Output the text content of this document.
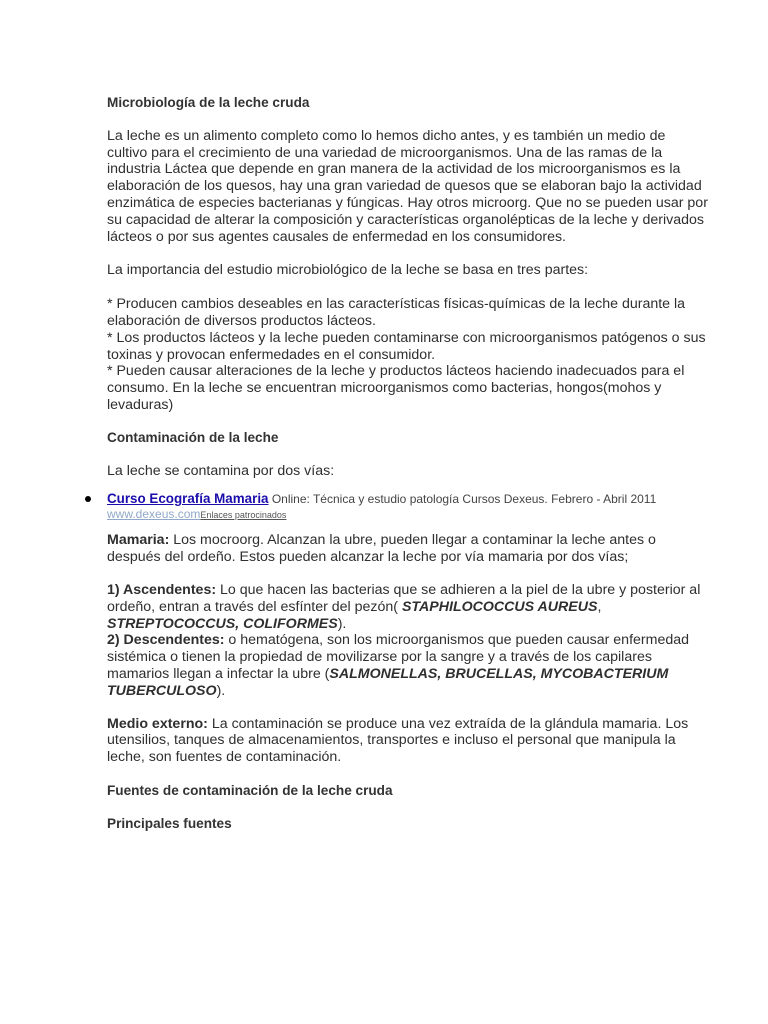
Microbiología de la leche cruda

La leche es un alimento completo como lo hemos dicho antes, y es también un medio de cultivo para el crecimiento de una variedad de microorganismos. Una de las ramas de la industria Láctea que depende en gran manera de la actividad de los microorganismos es la elaboración de los quesos, hay una gran variedad de quesos que se elaboran bajo la actividad enzimática de especies bacterianas y fúngicas. Hay otros microorg. Que no se pueden usar por su capacidad de alterar la composición y características organolépticas de la leche y derivados lácteos o por sus agentes causales de enfermedad en los consumidores.

La importancia del estudio microbiológico de la leche se basa en tres partes:

* Producen cambios deseables en las características físicas-químicas de la leche durante la elaboración de diversos productos lácteos.

* Los productos lácteos y la leche pueden contaminarse con microorganismos patógenos o sus toxinas y provocan enfermedades en el consumidor.

* Pueden causar alteraciones de la leche y productos lácteos haciendo inadecuados para el consumo. En la leche se encuentran microorganismos como bacterias, hongos(mohos y levaduras)

Contaminación de la leche

La leche se contamina por dos vías:

Curso Ecografía Mamaria Online: Técnica y estudio patología Cursos Dexeus. Febrero - Abril 2011
www.dexeus.comEnlaces patrocinados

Mamaria: Los mocroorg. Alcanzan la ubre, pueden llegar a contaminar la leche antes o después del ordeño. Estos pueden alcanzar la leche por vía mamaria por dos vías;

1) Ascendentes: Lo que hacen las bacterias que se adhieren a la piel de la ubre y posterior al ordeño, entran a través del esfínter del pezón( STAPHILOCOCCUS AUREUS, STREPTOCOCCUS, COLIFORMES).
2) Descendentes: o hematógena, son los microorganismos que pueden causar enfermedad sistémica o tienen la propiedad de movilizarse por la sangre y a través de los capilares mamarios llegan a infectar la ubre (SALMONELLAS, BRUCELLAS, MYCOBACTERIUM TUBERCULOSO).

Medio externo: La contaminación se produce una vez extraída de la glándula mamaria. Los utensilios, tanques de almacenamientos, transportes e incluso el personal que manipula la leche, son fuentes de contaminación.

Fuentes de contaminación de la leche cruda
Principales fuentes
